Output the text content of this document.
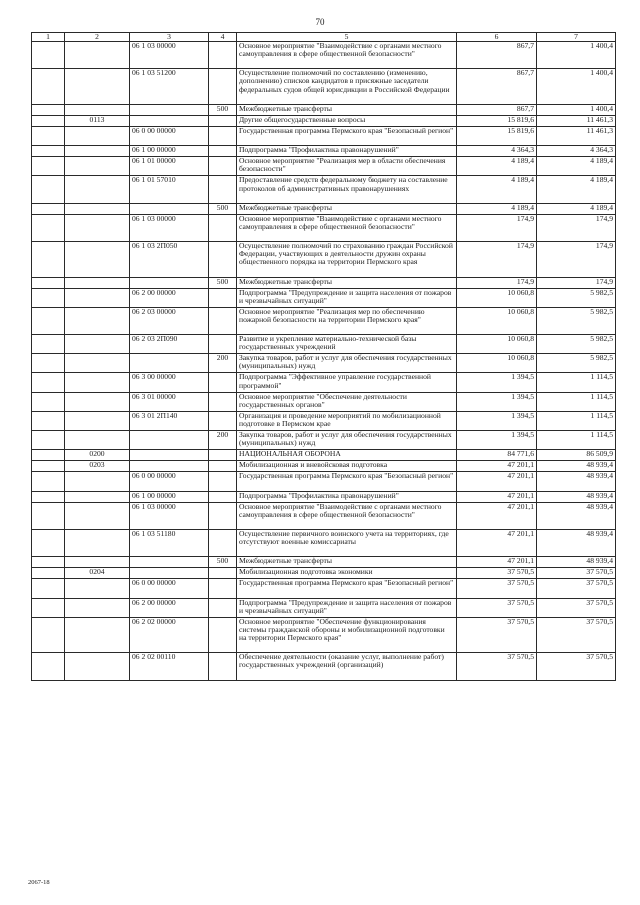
70
1	2	3	4	5	6	7
		06 1 03 00000		Основное мероприятие "Взаимодействие с органами местного самоуправления в сфере общественной безопасности"	867,7	1 400,4
		06 1 03 51200		Осуществление полномочий по составлению (изменению, дополнению) списков кандидатов в присяжные заседатели федеральных судов общей юрисдикции в Российской Федерации	867,7	1 400,4
			500	Межбюджетные трансферты	867,7	1 400,4
	0113			Другие общегосударственные вопросы	15 819,6	11 461,3
		06 0 00 00000		Государственная программа Пермского края "Безопасный регион"	15 819,6	11 461,3
		06 1 00 00000		Подпрограмма "Профилактика правонарушений"	4 364,3	4 364,3
		06 1 01 00000		Основное мероприятие "Реализация мер в области обеспечения безопасности"	4 189,4	4 189,4
		06 1 01 57010		Предоставление средств федеральному бюджету на составление протоколов об административных правонарушениях	4 189,4	4 189,4
			500	Межбюджетные трансферты	4 189,4	4 189,4
		06 1 03 00000		Основное мероприятие "Взаимодействие с органами местного самоуправления в сфере общественной безопасности"	174,9	174,9
		06 1 03 2П050		Осуществление полномочий по страхованию граждан Российской Федерации, участвующих в деятельности дружин охраны общественного порядка на территории Пермского края	174,9	174,9
			500	Межбюджетные трансферты	174,9	174,9
		06 2 00 00000		Подпрограмма "Предупреждение и защита населения от пожаров и чрезвычайных ситуаций"	10 060,8	5 982,5
		06 2 03 00000		Основное мероприятие "Реализация мер по обеспечению пожарной безопасности на территории Пермского края"	10 060,8	5 982,5
		06 2 03 2П090		Развитие и укрепление материально-технической базы государственных учреждений	10 060,8	5 982,5
			200	Закупка товаров, работ и услуг для обеспечения государственных (муниципальных) нужд	10 060,8	5 982,5
		06 3 00 00000		Подпрограмма "Эффективное управление государственной программой"	1 394,5	1 114,5
		06 3 01 00000		Основное мероприятие "Обеспечение деятельности государственных органов"	1 394,5	1 114,5
		06 3 01 2П140		Организация и проведение мероприятий по мобилизационной подготовке в Пермском крае	1 394,5	1 114,5
			200	Закупка товаров, работ и услуг для обеспечения государственных (муниципальных) нужд	1 394,5	1 114,5
	0200			НАЦИОНАЛЬНАЯ ОБОРОНА	84 771,6	86 509,9
	0203			Мобилизационная и вневойсковая подготовка	47 201,1	48 939,4
		06 0 00 00000		Государственная программа Пермского края "Безопасный регион"	47 201,1	48 939,4
		06 1 00 00000		Подпрограмма "Профилактика правонарушений"	47 201,1	48 939,4
		06 1 03 00000		Основное мероприятие "Взаимодействие с органами местного самоуправления в сфере общественной безопасности"	47 201,1	48 939,4
		06 1 03 51180		Осуществление первичного воинского учета на территориях, где отсутствуют военные комиссариаты	47 201,1	48 939,4
			500	Межбюджетные трансферты	47 201,1	48 939,4
	0204			Мобилизационная подготовка экономики	37 570,5	37 570,5
		06 0 00 00000		Государственная программа Пермского края "Безопасный регион"	37 570,5	37 570,5
		06 2 00 00000		Подпрограмма "Предупреждение и защита населения от пожаров и чрезвычайных ситуаций"	37 570,5	37 570,5
		06 2 02 00000		Основное мероприятие "Обеспечение функционирования системы гражданской обороны и мобилизационной подготовки на территории Пермского края"	37 570,5	37 570,5
		06 2 02 00110		Обеспечение деятельности (оказание услуг, выполнение работ) государственных учреждений (организаций)	37 570,5	37 570,5
2067-18
